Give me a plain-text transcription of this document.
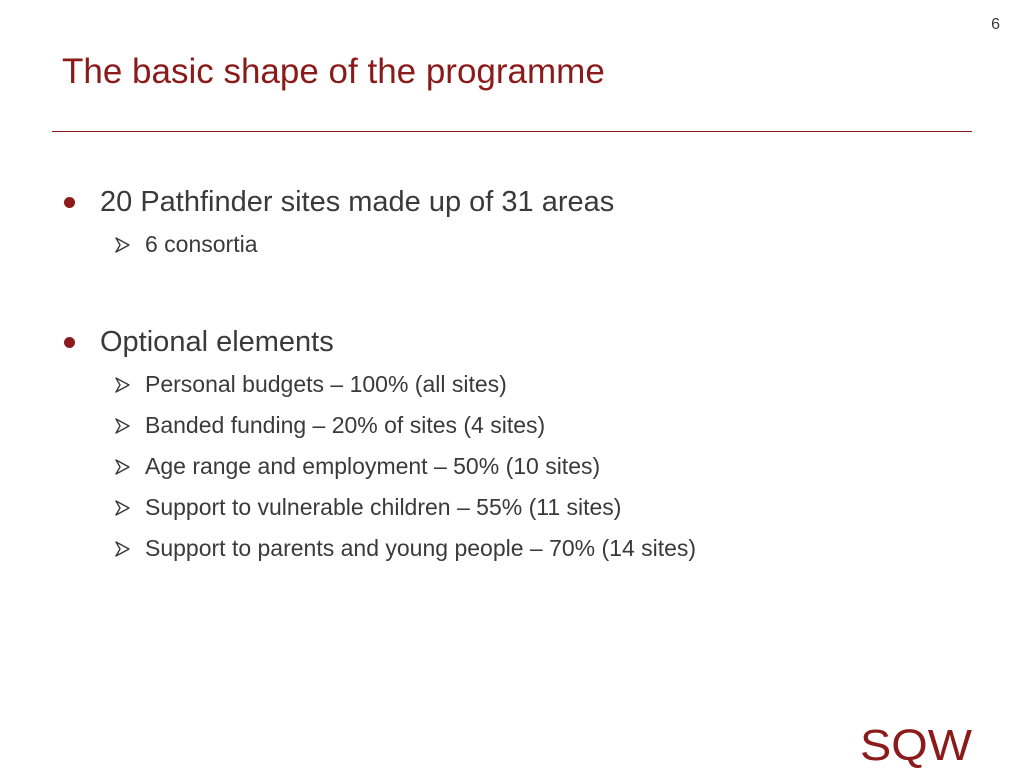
6
The basic shape of the programme
20 Pathfinder sites made up of 31 areas
6 consortia
Optional elements
Personal budgets – 100% (all sites)
Banded funding – 20% of sites (4 sites)
Age range and employment – 50% (10 sites)
Support to vulnerable children – 55% (11 sites)
Support to parents and young people – 70% (14 sites)
SQW
